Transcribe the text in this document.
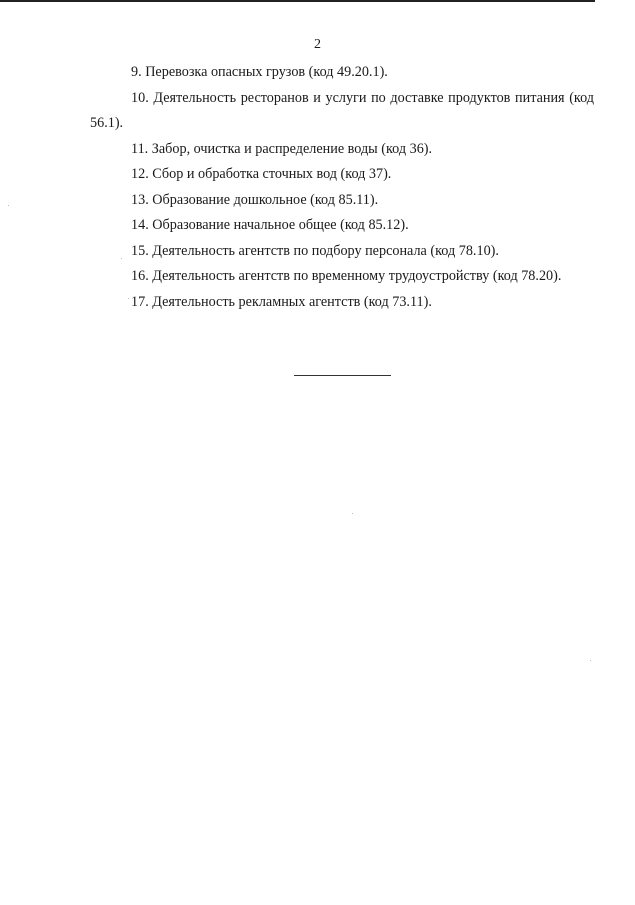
2

9. Перевозка опасных грузов (код 49.20.1).

10. Деятельность ресторанов и услуги по доставке продуктов питания (код 56.1).

11. Забор, очистка и распределение воды (код 36).

12. Сбор и обработка сточных вод (код 37).

13. Образование дошкольное (код 85.11).

14. Образование начальное общее (код 85.12).

15. Деятельность агентств по подбору персонала (код 78.10).

16. Деятельность агентств по временному трудоустройству (код 78.20).

17. Деятельность рекламных агентств (код 73.11).
